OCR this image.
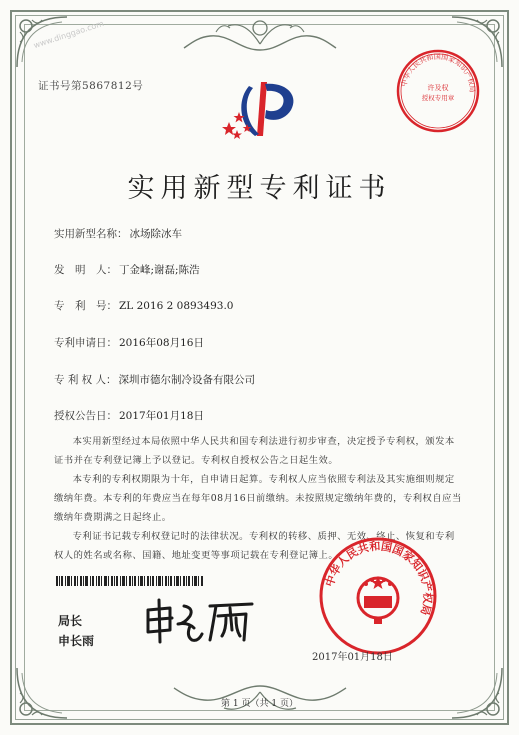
www.dinggao.com
证书号第5867812号	中华人民共和国国家知识产权局
许及权
授权专用章
实用新型专利证书
实用新型名称： 冰场除冰车
发　明　人： 丁金峰;谢磊;陈浩
专　利　号： ZL 2016 2 0893493.0
专利申请日： 2016年08月16日
专 利 权 人： 深圳市德尔制冷设备有限公司
授权公告日： 2017年01月18日

本实用新型经过本局依照中华人民共和国专利法进行初步审查，决定授予专利权，颁发本证书并在专利登记簿上予以登记。专利权自授权公告之日起生效。

本专利的专利权期限为十年，自申请日起算。专利权人应当依照专利法及其实施细则规定缴纳年费。本专利的年费应当在每年08月16日前缴纳。未按照规定缴纳年费的，专利权自应当缴纳年费期满之日起终止。

专利证书记载专利权登记时的法律状况。专利权的转移、质押、无效、终止、恢复和专利权人的姓名或名称、国籍、地址变更等事项记载在专利登记簿上。

局长
申长雨
中华人民共和国国家知识产权局
2017年01月18日
第 1 页（共 1 页）
